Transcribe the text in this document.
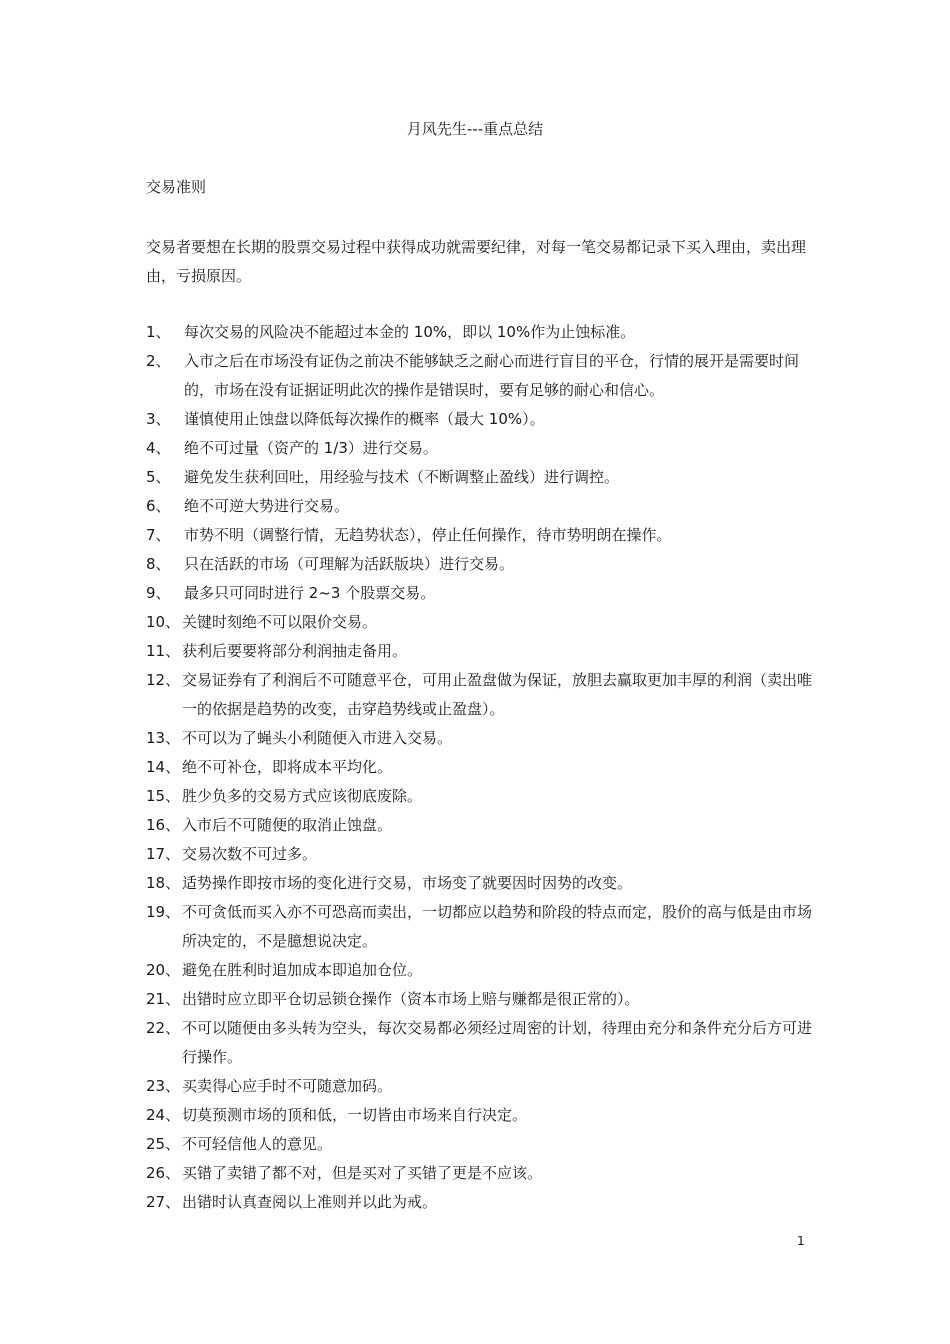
月风先生---重点总结
交易准则
交易者要想在长期的股票交易过程中获得成功就需要纪律，对每一笔交易都记录下买入理由，卖出理由，亏损原因。
1、 每次交易的风险决不能超过本金的 10%，即以 10%作为止蚀标准。
2、 入市之后在市场没有证伪之前决不能够缺乏之耐心而进行盲目的平仓，行情的展开是需要时间的，市场在没有证据证明此次的操作是错误时，要有足够的耐心和信心。
3、 谨慎使用止蚀盘以降低每次操作的概率（最大 10%）。
4、 绝不可过量（资产的 1/3）进行交易。
5、 避免发生获利回吐，用经验与技术（不断调整止盈线）进行调控。
6、 绝不可逆大势进行交易。
7、 市势不明（调整行情，无趋势状态），停止任何操作，待市势明朗在操作。
8、 只在活跃的市场（可理解为活跃版块）进行交易。
9、 最多只可同时进行 2~3 个股票交易。
10、 关键时刻绝不可以限价交易。
11、 获利后要要将部分利润抽走备用。
12、 交易证券有了利润后不可随意平仓，可用止盈盘做为保证，放胆去赢取更加丰厚的利润（卖出唯一的依据是趋势的改变，击穿趋势线或止盈盘）。
13、 不可以为了蝇头小利随便入市进入交易。
14、 绝不可补仓，即将成本平均化。
15、 胜少负多的交易方式应该彻底废除。
16、 入市后不可随便的取消止蚀盘。
17、 交易次数不可过多。
18、 适势操作即按市场的变化进行交易，市场变了就要因时因势的改变。
19、 不可贪低而买入亦不可恐高而卖出，一切都应以趋势和阶段的特点而定，股价的高与低是由市场所决定的，不是臆想说决定。
20、 避免在胜利时追加成本即追加仓位。
21、 出错时应立即平仓切忌锁仓操作（资本市场上赔与赚都是很正常的）。
22、 不可以随便由多头转为空头，每次交易都必须经过周密的计划，待理由充分和条件充分后方可进行操作。
23、 买卖得心应手时不可随意加码。
24、 切莫预测市场的顶和低，一切皆由市场来自行决定。
25、 不可轻信他人的意见。
26、 买错了卖错了都不对，但是买对了买错了更是不应该。
27、 出错时认真查阅以上准则并以此为戒。
1
